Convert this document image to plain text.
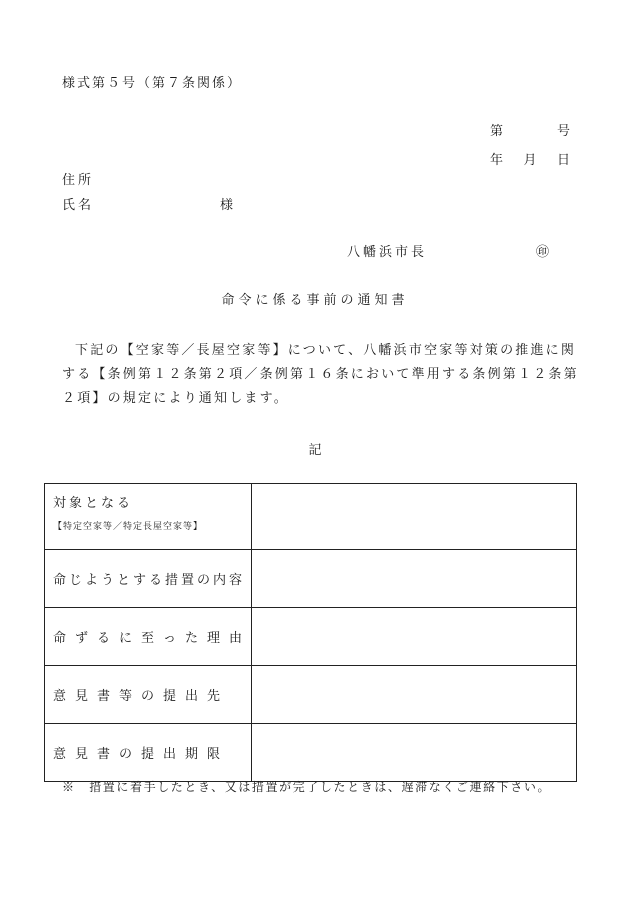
様式第５号（第７条関係）
第	号
年 月 日
住所
氏名	様
八幡浜市長	㊞
命令に係る事前の通知書
下記の【空家等／長屋空家等】について、八幡浜市空家等対策の推進に関する【条例第１２条第２項／条例第１６条において準用する条例第１２条第２項】の規定により通知します。
記
対象となる
【特定空家等／特定長屋空家等】	

命じようとする措置の内容	
命ずるに至った理由	
意見書等の提出先	
意見書の提出期限	
※　措置に着手したとき、又は措置が完了したときは、遅滞なくご連絡下さい。
